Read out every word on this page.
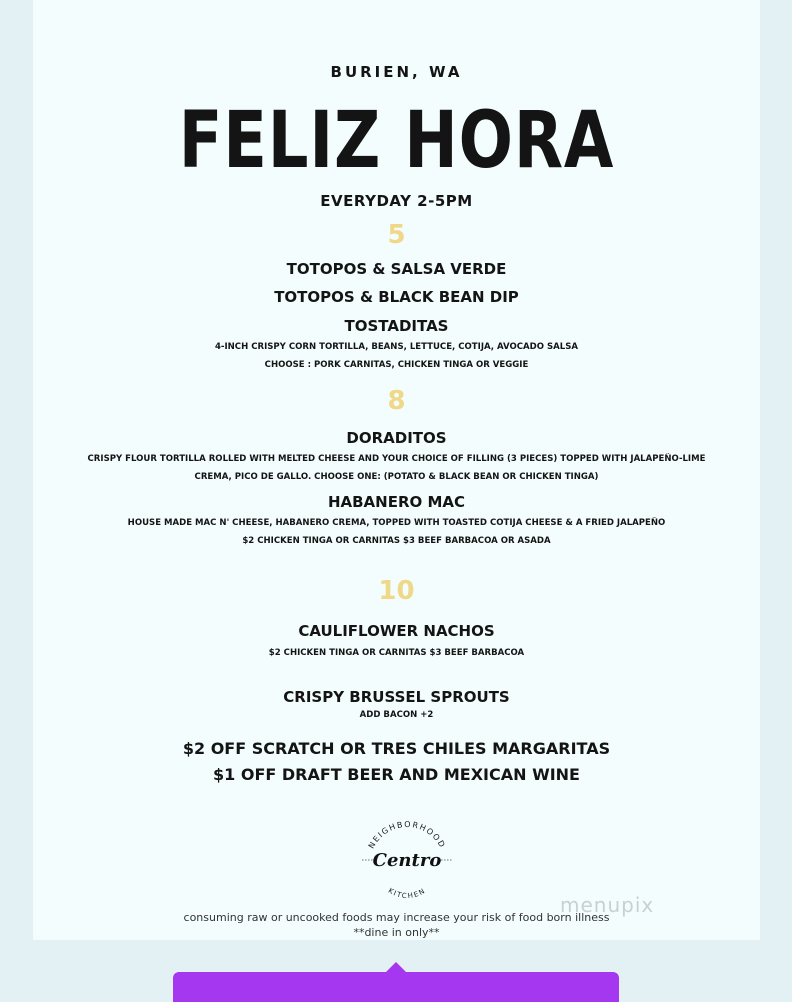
BURIEN, WA
FELIZ HORA
EVERYDAY 2-5PM
5
TOTOPOS & SALSA VERDE
TOTOPOS & BLACK BEAN DIP
TOSTADITAS
4-INCH CRISPY CORN TORTILLA, BEANS, LETTUCE, COTIJA, AVOCADO SALSA
CHOOSE : PORK CARNITAS, CHICKEN TINGA OR VEGGIE
8
DORADITOS
CRISPY FLOUR TORTILLA ROLLED WITH MELTED CHEESE AND YOUR CHOICE OF FILLING (3 PIECES) TOPPED WITH JALAPEÑO-LIME
CREMA, PICO DE GALLO. CHOOSE ONE: (POTATO & BLACK BEAN OR CHICKEN TINGA)
HABANERO MAC
HOUSE MADE MAC N' CHEESE, HABANERO CREMA, TOPPED WITH TOASTED COTIJA CHEESE & A FRIED JALAPEÑO
$2 CHICKEN TINGA OR CARNITAS $3 BEEF BARBACOA OR ASADA
10
CAULIFLOWER NACHOS
$2 CHICKEN TINGA OR CARNITAS $3 BEEF BARBACOA
CRISPY BRUSSEL SPROUTS
ADD BACON +2
$2 OFF SCRATCH OR TRES CHILES MARGARITAS
$1 OFF DRAFT BEER AND MEXICAN WINE
NEIGHBORHOOD
Centro
KITCHEN
consuming raw or uncooked foods may increase your risk of food born illness
**dine in only**
menupix
